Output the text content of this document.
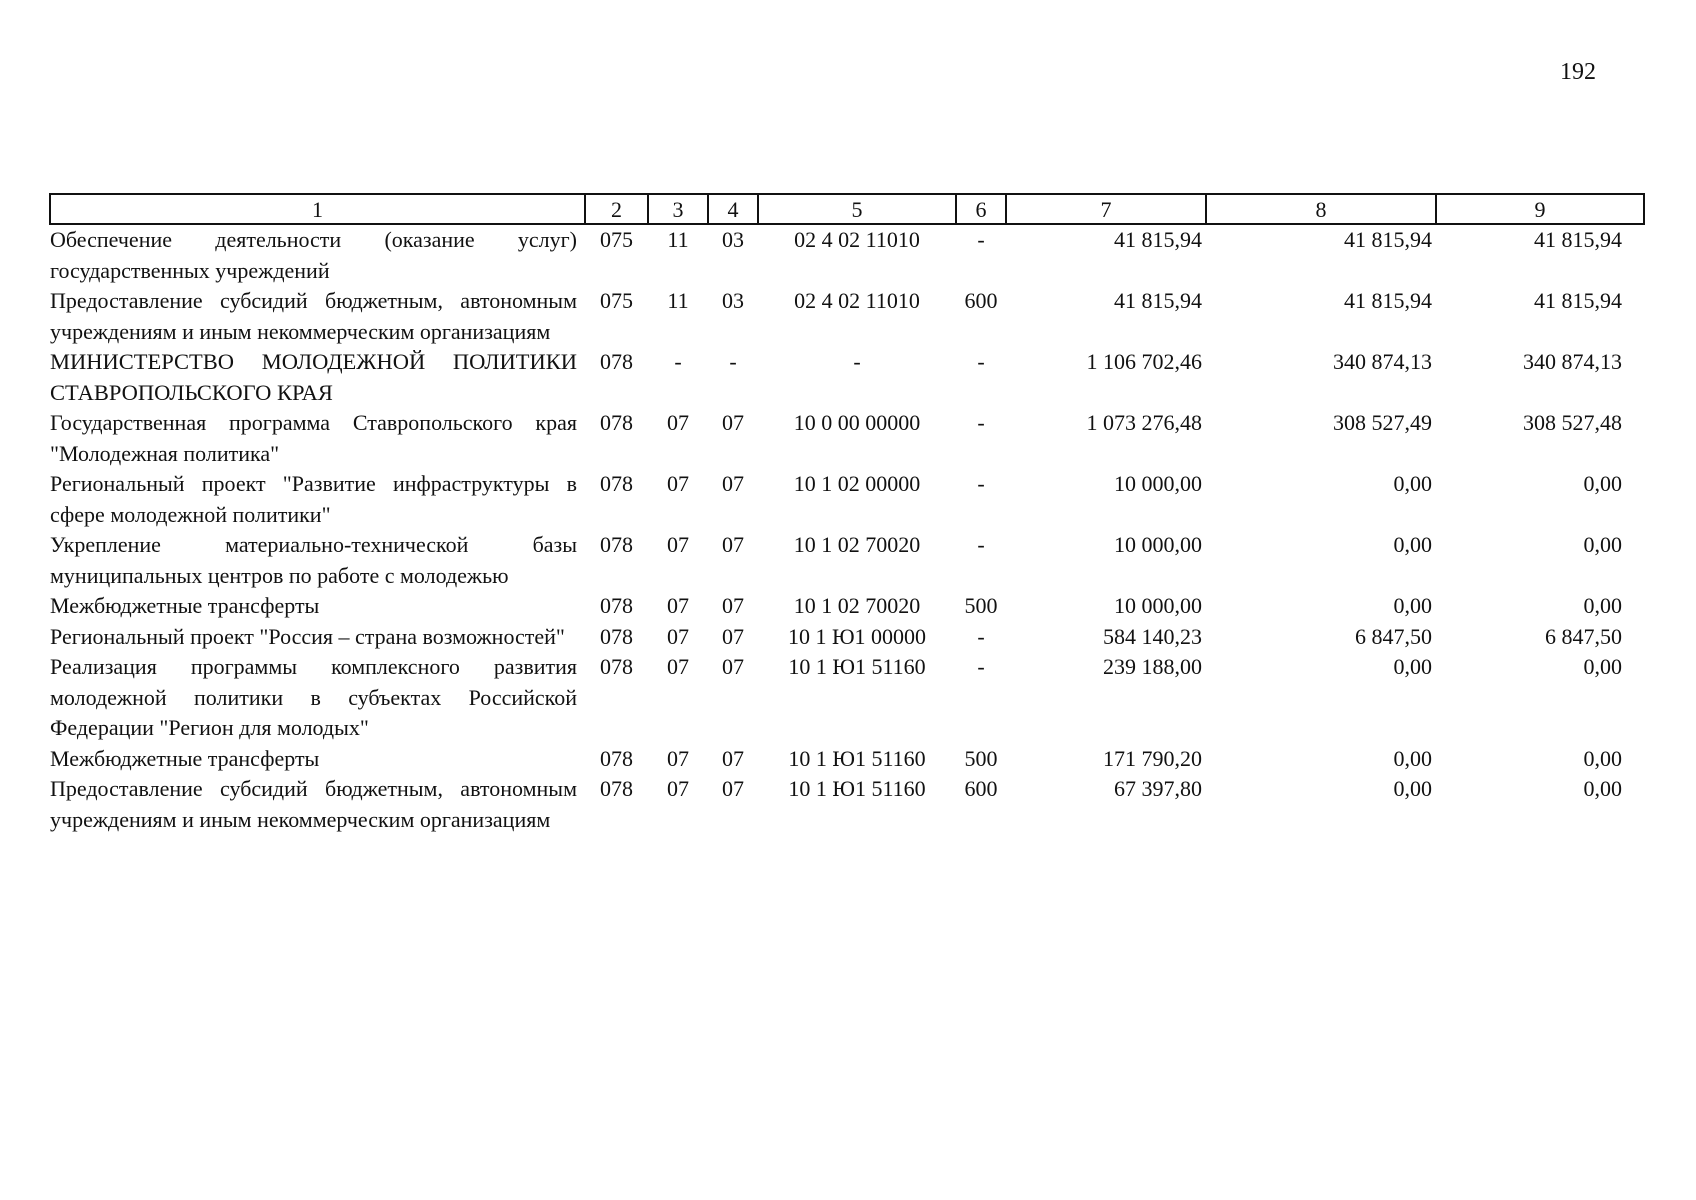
192
1	2	3	4	5	6	7	8	9
Обеспечение деятельности (оказание услуг) государственных учреждений	075	11	03	02 4 02 11010	-	41 815,94	41 815,94	41 815,94
Предоставление субсидий бюджетным, автономным учреждениям и иным некоммерческим организациям	075	11	03	02 4 02 11010	600	41 815,94	41 815,94	41 815,94
МИНИСТЕРСТВО МОЛОДЕЖНОЙ ПОЛИТИКИ СТАВРОПОЛЬСКОГО КРАЯ	078	-	-	-	-	1 106 702,46	340 874,13	340 874,13
Государственная программа Ставропольского края "Молодежная политика"	078	07	07	10 0 00 00000	-	1 073 276,48	308 527,49	308 527,48
Региональный проект "Развитие инфраструктуры в сфере молодежной политики"	078	07	07	10 1 02 00000	-	10 000,00	0,00	0,00
Укрепление материально-технической базы муниципальных центров по работе с молодежью	078	07	07	10 1 02 70020	-	10 000,00	0,00	0,00
Межбюджетные трансферты	078	07	07	10 1 02 70020	500	10 000,00	0,00	0,00
Региональный проект "Россия – страна возможностей"	078	07	07	10 1 Ю1 00000	-	584 140,23	6 847,50	6 847,50
Реализация программы комплексного развития молодежной политики в субъектах Российской Федерации "Регион для молодых"	078	07	07	10 1 Ю1 51160	-	239 188,00	0,00	0,00
Межбюджетные трансферты	078	07	07	10 1 Ю1 51160	500	171 790,20	0,00	0,00
Предоставление субсидий бюджетным, автономным учреждениям и иным некоммерческим организациям	078	07	07	10 1 Ю1 51160	600	67 397,80	0,00	0,00
